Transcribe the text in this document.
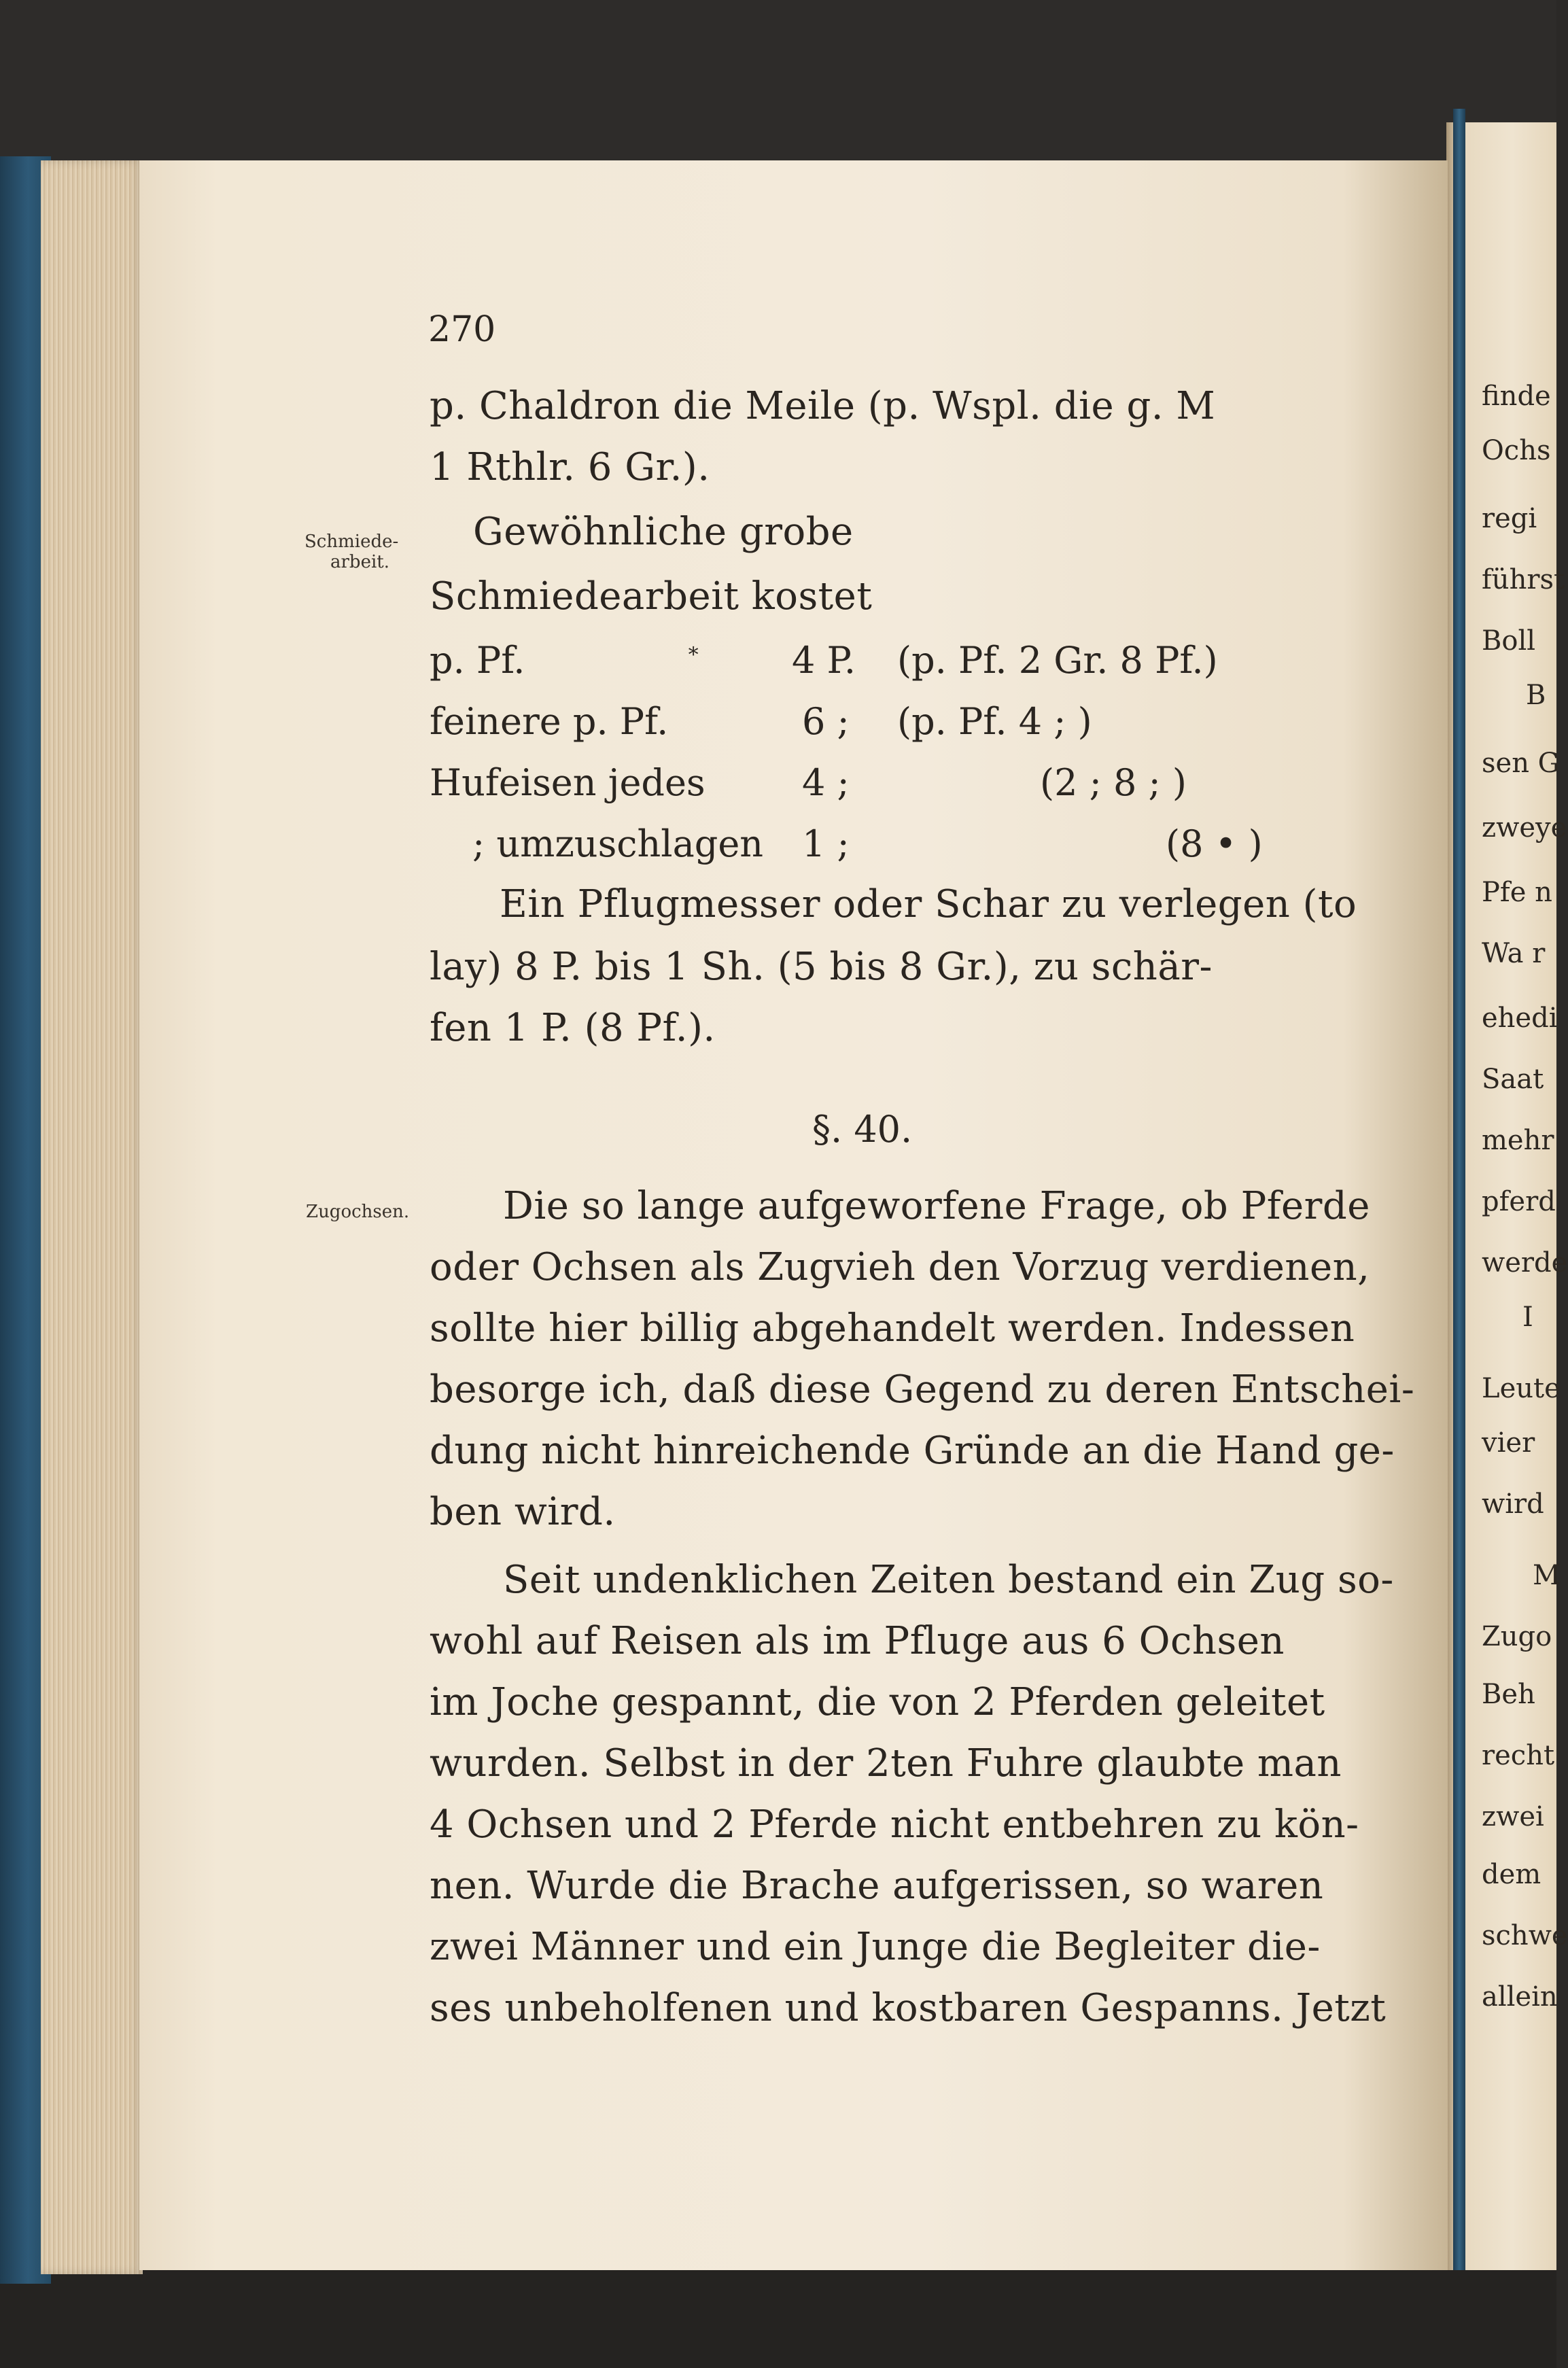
270
Schmiede-
arbeit.
Zugochsen.
p. Chaldron die Meile (p. Wspl. die g. M
1 Rthlr. 6 Gr.).
Gewöhnliche grobe
Schmiedearbeit kostet
p. Pf.	∗ 4 P. (p. Pf. 2 Gr. 8 Pf.)
feinere p. Pf.	6 ; (p. Pf. 4 ; )
Hufeisen jedes	4 ;	(2 ; 8 ; )
; umzuschlagen 1 ;	(8 • )
Ein Pflugmesser oder Schar zu verlegen (to
lay) 8 P. bis 1 Sh. (5 bis 8 Gr.), zu schär-
fen 1 P. (8 Pf.).
§. 40.
Die so lange aufgeworfene Frage, ob Pferde
oder Ochsen als Zugvieh den Vorzug verdienen,
sollte hier billig abgehandelt werden. Indessen
besorge ich, daß diese Gegend zu deren Entschei-
dung nicht hinreichende Gründe an die Hand ge-
ben wird.
Seit undenklichen Zeiten bestand ein Zug so-
wohl auf Reisen als im Pfluge aus 6 Ochsen
im Joche gespannt, die von 2 Pferden geleitet
wurden. Selbst in der 2ten Fuhre glaubte man
4 Ochsen und 2 Pferde nicht entbehren zu kön-
nen. Wurde die Brache aufgerissen, so waren
zwei Männer und ein Junge die Begleiter die-
ses unbeholfenen und kostbaren Gespanns. Jetzt
finde
Ochs
regi
führst
Boll
B
sen G
zweye
Pfe n
Wa r
ehedi
Saat
mehr
pferd
werde
I
Leute
vier
wird
M
Zugo
Beh
recht
zwei
dem
schwe
allein
